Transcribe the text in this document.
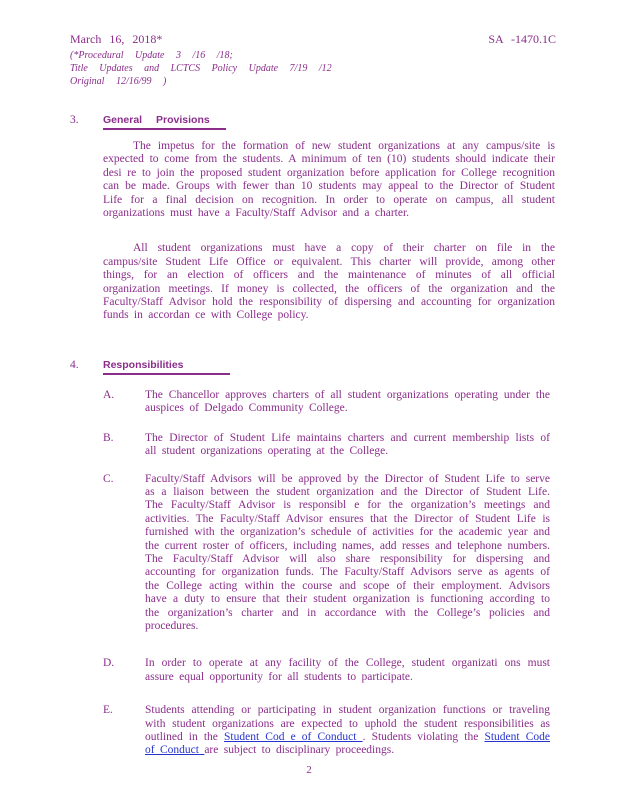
March 16, 2018*	SA -1470.1C
(*Procedural Update 3 /16 /18;
Title Updates and LCTCS Policy Update 7/19 /12
Original 12/16/99 )
3.	General Provisions

The impetus for the formation of new student organizations at any campus/site is expected to come from the students. A minimum of ten (10) students should indicate their desi re to join the proposed student organization before application for College recognition can be made. Groups with fewer than 10 students may appeal to the Director of Student Life for a final decision on recognition. In order to operate on campus, all student organizations must have a Faculty/Staff Advisor and a charter.

All student organizations must have a copy of their charter on file in the campus/site Student Life Office or equivalent. This charter will provide, among other things, for an election of officers and the maintenance of minutes of all official organization meetings. If money is collected, the officers of the organization and the Faculty/Staff Advisor hold the responsibility of dispersing and accounting for organization funds in accordan ce with College policy.

4.	Responsibilities
A.	The Chancellor approves charters of all student organizations operating under the auspices of Delgado Community College.
B.	The Director of Student Life maintains charters and current membership lists of all student organizations operating at the College.
C.	Faculty/Staff Advisors will be approved by the Director of Student Life to serve as a liaison between the student organization and the Director of Student Life. The Faculty/Staff Advisor is responsibl e for the organization’s meetings and activities. The Faculty/Staff Advisor ensures that the Director of Student Life is furnished with the organization’s schedule of activities for the academic year and the current roster of officers, including names, add resses and telephone numbers. The Faculty/Staff Advisor will also share responsibility for dispersing and accounting for organization funds. The Faculty/Staff Advisors serve as agents of the College acting within the course and scope of their employment. Advisors have a duty to ensure that their student organization is functioning according to the organization’s charter and in accordance with the College’s policies and procedures.
D.	In order to operate at any facility of the College, student organizati ons must assure equal opportunity for all students to participate.
E.	Students attending or participating in student organization functions or traveling with student organizations are expected to uphold the student responsibilities as outlined in the Student Cod e of Conduct . Students violating the Student Code of Conduct are subject to disciplinary proceedings.
2
